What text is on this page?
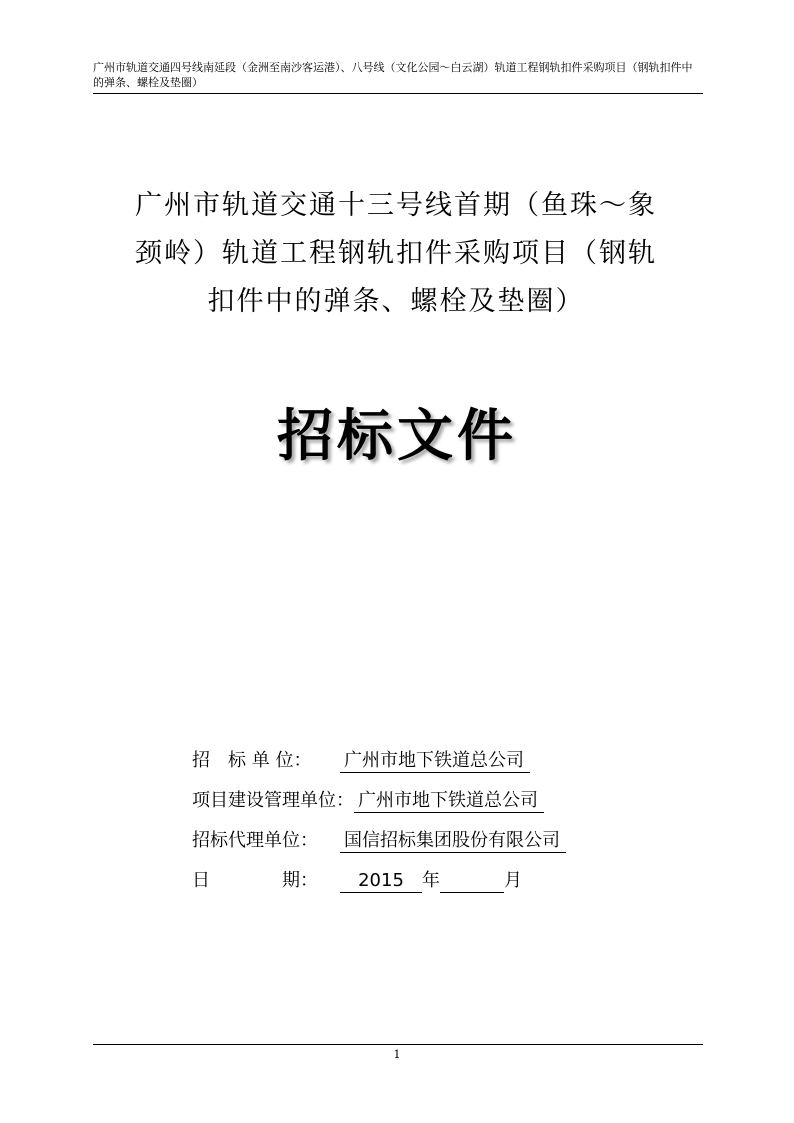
广州市轨道交通四号线南延段（金洲至南沙客运港）、八号线（文化公园～白云湖）轨道工程钢轨扣件采购项目（钢轨扣件中的弹条、螺栓及垫圈）
广州市轨道交通十三号线首期（鱼珠～象
颈岭）轨道工程钢轨扣件采购项目（钢轨
扣件中的弹条、螺栓及垫圈）
招标文件
招　标 单 位： 广州市地下铁道总公司
项目建设管理单位： 广州市地下铁道总公司
招标代理单位： 国信招标集团股份有限公司
日　　　　期： 2015 年	月
1
